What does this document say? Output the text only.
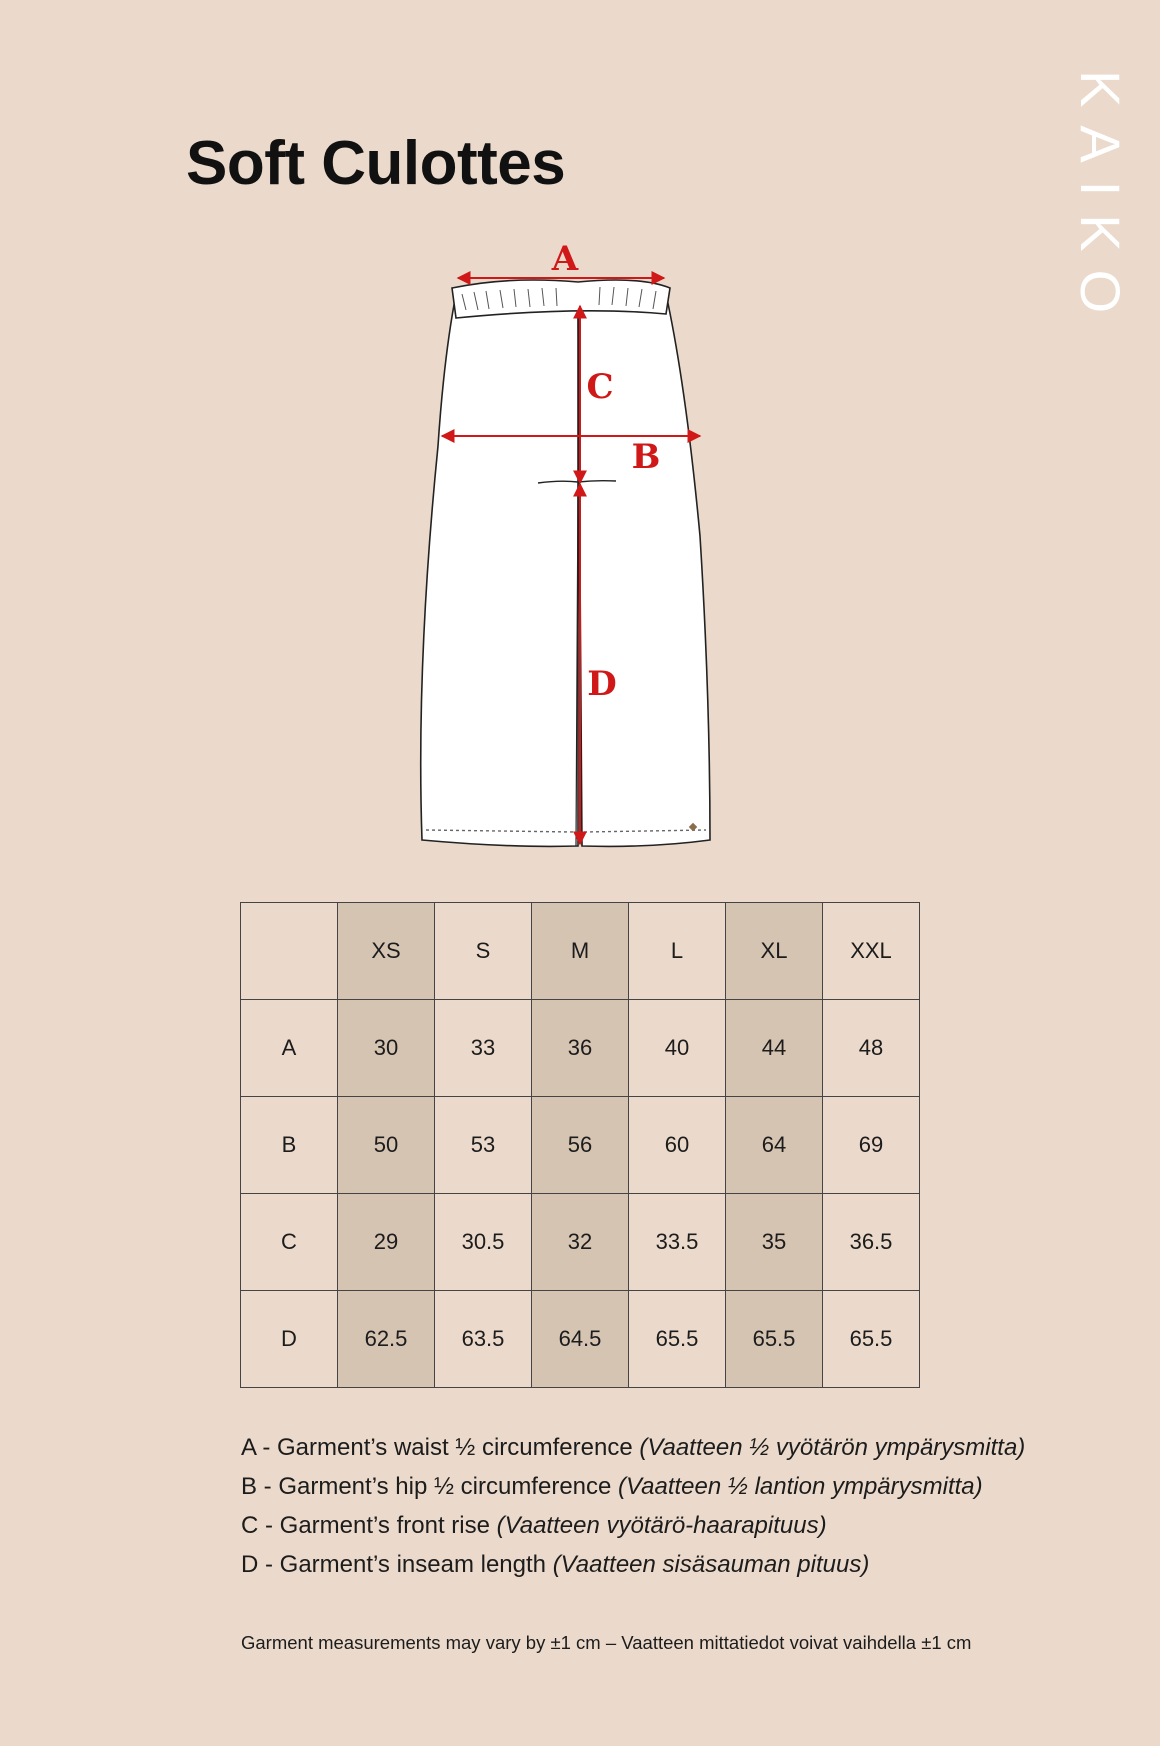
KAIKO
Soft Culottes
A
C
B
D
	XS	S	M	L	XL	XXL
A	30	33	36	40	44	48
B	50	53	56	60	64	69
C	29	30.5	32	33.5	35	36.5
D	62.5	63.5	64.5	65.5	65.5	65.5
A - Garment’s waist ½ circumference (Vaatteen ½ vyötärön ympärysmitta)
B - Garment’s hip ½ circumference (Vaatteen ½ lantion ympärysmitta)
C - Garment’s front rise (Vaatteen vyötärö-haarapituus)
D - Garment’s inseam length (Vaatteen sisäsauman pituus)
Garment measurements may vary by ±1 cm – Vaatteen mittatiedot voivat vaihdella ±1 cm
